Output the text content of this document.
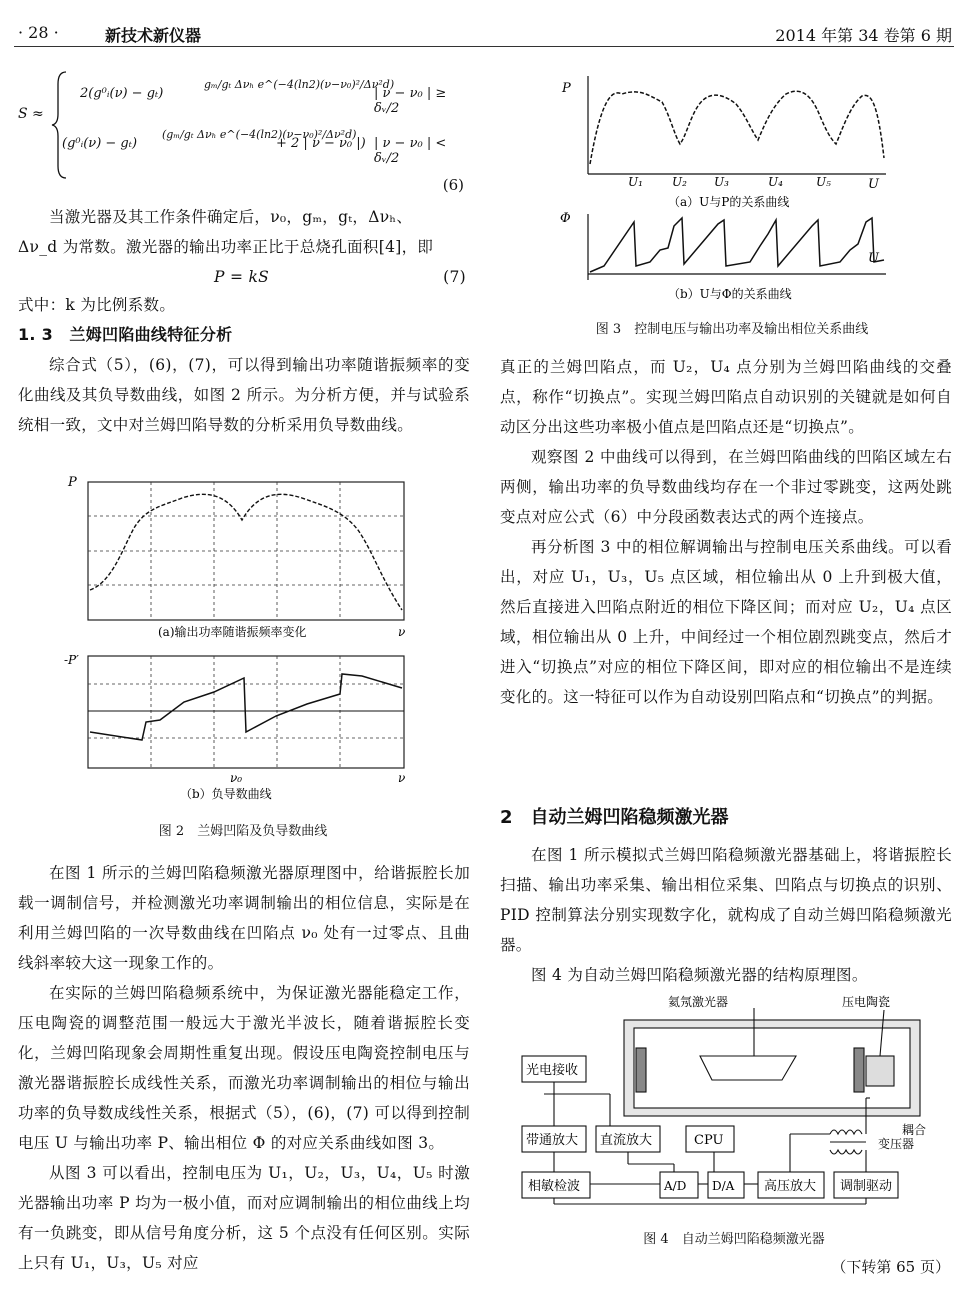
· 28 ·	新技术新仪器	2014 年第 34 卷第 6 期
S ≈
2(g⁰ᵢ(ν) − gₜ)
gₘ/gₜ Δνₕ e^(−4(ln2)(ν−ν₀)²/Δν²d)
| ν − ν₀ | ≥ δᵥ/2
(g⁰ᵢ(ν) − gₜ)
(gₘ/gₜ Δνₕ e^(−4(ln2)(ν−ν₀)²/Δν²d)
+ 2 | ν − ν₀ |) | ν − ν₀ | < δᵥ/2
(6)

当激光器及其工作条件确定后，ν₀，gₘ，gₜ，Δνₕ、

Δν_d 为常数。激光器的输出功率正比于总烧孔面积[4]，即

P = kS	(7)

式中：k 为比例系数。

1. 3　兰姆凹陷曲线特征分析

综合式（5），(6)，(7)，可以得到输出功率随谐振频率的变化曲线及其负导数曲线，如图 2 所示。为分析方便，并与试验系统相一致，文中对兰姆凹陷导数的分析采用负导数曲线。

P
ν
(a)输出功率随谐振频率变化
-P′
ν
ν₀
（b）负导数曲线
图 2　兰姆凹陷及负导数曲线

在图 1 所示的兰姆凹陷稳频激光器原理图中，给谐振腔长加载一调制信号，并检测激光功率调制输出的相位信息，实际是在利用兰姆凹陷的一次导数曲线在凹陷点 ν₀ 处有一过零点、且曲线斜率较大这一现象工作的。

在实际的兰姆凹陷稳频系统中，为保证激光器能稳定工作，压电陶瓷的调整范围一般远大于激光半波长，随着谐振腔长变化，兰姆凹陷现象会周期性重复出现。假设压电陶瓷控制电压与激光器谐振腔长成线性关系，而激光功率调制输出的相位与输出功率的负导数成线性关系，根据式（5），(6)，(7) 可以得到控制电压 U 与输出功率 P、输出相位 Φ 的对应关系曲线如图 3。

从图 3 可以看出，控制电压为 U₁，U₂，U₃，U₄，U₅ 时激光器输出功率 P 均为一极小值，而对应调制输出的相位曲线上均有一负跳变，即从信号角度分析，这 5 个点没有任何区别。实际上只有 U₁，U₃，U₅ 对应

P
U
U₁ U₂ U₃	U₄	U₅
（a）U与P的关系曲线
Φ
U
（b）U与Φ的关系曲线
图 3　控制电压与输出功率及输出相位关系曲线

真正的兰姆凹陷点，而 U₂，U₄ 点分别为兰姆凹陷曲线的交叠点，称作“切换点”。实现兰姆凹陷点自动识别的关键就是如何自动区分出这些功率极小值点是凹陷点还是“切换点”。

观察图 2 中曲线可以得到，在兰姆凹陷曲线的凹陷区域左右两侧，输出功率的负导数曲线均存在一个非过零跳变，这两处跳变点对应公式（6）中分段函数表达式的两个连接点。

再分析图 3 中的相位解调输出与控制电压关系曲线。可以看出，对应 U₁，U₃，U₅ 点区域，相位输出从 0 上升到极大值，然后直接进入凹陷点附近的相位下降区间；而对应 U₂，U₄ 点区域，相位输出从 0 上升，中间经过一个相位剧烈跳变点，然后才进入“切换点”对应的相位下降区间，即对应的相位输出不是连续变化的。这一特征可以作为自动设别凹陷点和“切换点”的判据。

2　自动兰姆凹陷稳频激光器

在图 1 所示模拟式兰姆凹陷稳频激光器基础上，将谐振腔长扫描、输出功率采集、输出相位采集、凹陷点与切换点的识别、PID 控制算法分别实现数字化，就构成了自动兰姆凹陷稳频激光器。

图 4 为自动兰姆凹陷稳频激光器的结构原理图。

氦氖激光器	压电陶瓷
光电接收
带通放大 直流放大	CPU
耦合
变压器
相敏检波	A/D D/A 高压放大 调制驱动
图 4　自动兰姆凹陷稳频激光器
（下转第 65 页）
